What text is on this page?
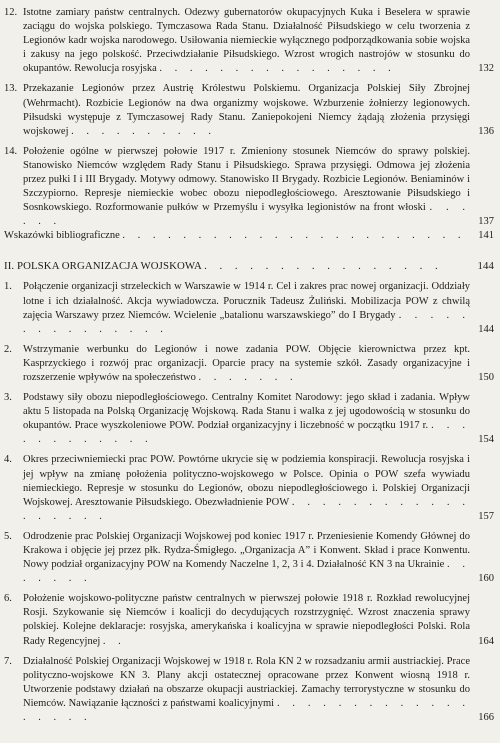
12. Istotne zamiary państw centralnych. Odezwy gubernatorów okupacyjnych Kuka i Beselera w sprawie zaciągu do wojska polskiego. Tymczasowa Rada Stanu. Działalność Piłsudskiego w celu tworzenia z Legionów kadr wojska narodowego. Usiłowania niemieckie wyłącznego podporządkowania sobie wojska i zakusy na jego polskość. Przeciwdziałanie Piłsudskiego. Wzrost wrogich nastrojów w stosunku do okupantów. Rewolucja rosyjska . . . . . . . . . . . . . . . .	132
13. Przekazanie Legionów przez Austrię Królestwu Polskiemu. Organizacja Polskiej Siły Zbrojnej (Wehrmacht). Rozbicie Legionów na dwa organizmy wojskowe. Wzburzenie żołnierzy legionowych. Piłsudski występuje z Tymczasowej Rady Stanu. Zaniepokojeni Niemcy żądają złożenia przysięgi wojskowej . . . . . . . . . .	136
14. Położenie ogólne w pierwszej połowie 1917 r. Zmieniony stosunek Niemców do sprawy polskiej. Stanowisko Niemców względem Rady Stanu i Piłsudskiego. Sprawa przysięgi. Odmowa jej złożenia przez pułki I i III Brygady. Motywy odmowy. Stanowisko II Brygady. Rozbicie Legionów. Beniaminów i Szczypiorno. Represje niemieckie wobec obozu niepodległościowego. Aresztowanie Piłsudskiego i Sosnkowskiego. Rozformowanie pułków w Przemyślu i wysyłka legionistów na front włoski . . . . . .	137
Wskazówki bibliograficzne . . . . . . . . . . . . . . . . . . . . . . . 141
II. POLSKA ORGANIZACJA WOJSKOWA . . . . . . . . . . . . . . . .	144
1. Połączenie organizacji strzeleckich w Warszawie w 1914 r. Cel i zakres prac nowej organizacji. Oddziały lotne i ich działalność. Akcja wywiadowcza. Porucznik Tadeusz Żuliński. Mobilizacja POW z chwilą zajęcia Warszawy przez Niemców. Wcielenie „batalionu warszawskiego” do I Brygady . . . . . . . . . . . . . . .	144
2. Wstrzymanie werbunku do Legionów i nowe zadania POW. Objęcie kierownictwa przez kpt. Kasprzyckiego i rozwój prac organizacji. Oparcie pracy na systemie szkół. Zasady organizacyjne i rozszerzenie wpływów na społeczeństwo . . . . . . .	150
3. Podstawy siły obozu niepodległościowego. Centralny Komitet Narodowy: jego skład i zadania. Wpływ aktu 5 listopada na Polską Organizację Wojskową. Rada Stanu i walka z jej ugodowością w stosunku do okupantów. Prace wyszkoleniowe POW. Podział organizacyjny i liczebność w początku 1917 r. . . . . . . . . . . . .	154
4. Okres przeciwniemiecki prac POW. Powtórne ukrycie się w podziemia konspiracji. Rewolucja rosyjska i jej wpływ na zmianę położenia polityczno-wojskowego w Polsce. Opinia o POW szefa wywiadu niemieckiego. Represje w stosunku do Legionów, obozu niepodległościowego i. Polskiej Organizacji Wojskowej. Aresztowanie Piłsudskiego. Obezwładnienie POW . . . . . . . . . . . . . . . . . .	157
5. Odrodzenie prac Polskiej Organizacji Wojskowej pod koniec 1917 r. Przeniesienie Komendy Głównej do Krakowa i objęcie jej przez płk. Rydza-Śmigłego. „Organizacja A” i Konwent. Skład i prace Konwentu. Nowy podział organizacyjny POW na Komendy Naczelne 1, 2, 3 i 4. Działalność KN 3 na Ukrainie . . . . . . .	160
6. Położenie wojskowo-polityczne państw centralnych w pierwszej połowie 1918 r. Rozkład rewolucyjnej Rosji. Szykowanie się Niemców i koalicji do decydujących rozstrzygnięć. Wzrost znaczenia sprawy polskiej. Kolejne deklaracje: rosyjska, amerykańska i koalicyjna w sprawie niepodległości Polski. Rola Rady Regencyjnej . .	164
7. Działalność Polskiej Organizacji Wojskowej w 1918 r. Rola KN 2 w rozsadzaniu armii austriackiej. Prace polityczno-wojskowe KN 3. Plany akcji ostatecznej opracowane przez Konwent wiosną 1918 r. Utworzenie podstawy działań na obszarze okupacji austriackiej. Zamachy terrorystyczne w stosunku do Niemców. Nawiązanie łączności z państwami koalicyjnymi . . . . . . . . . . . . . . . . . .	166
